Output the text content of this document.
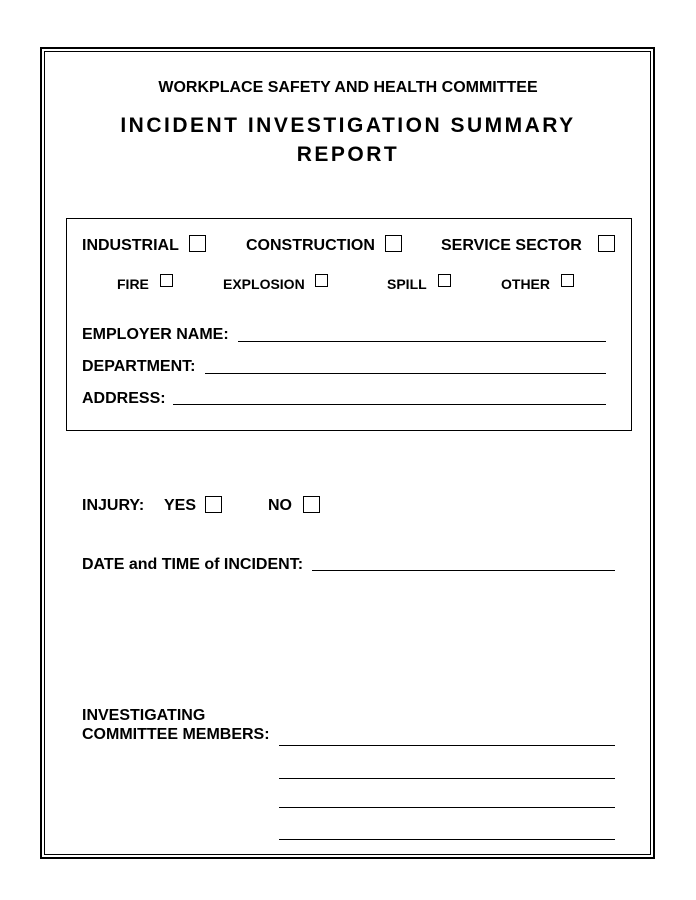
WORKPLACE SAFETY AND HEALTH COMMITTEE
INCIDENT INVESTIGATION SUMMARY
REPORT
INDUSTRIAL	CONSTRUCTION	SERVICE SECTOR
FIRE	EXPLOSION	SPILL	OTHER
EMPLOYER NAME:
DEPARTMENT:
ADDRESS:
INJURY: YES	NO
DATE and TIME of INCIDENT:
INVESTIGATING
COMMITTEE MEMBERS:
